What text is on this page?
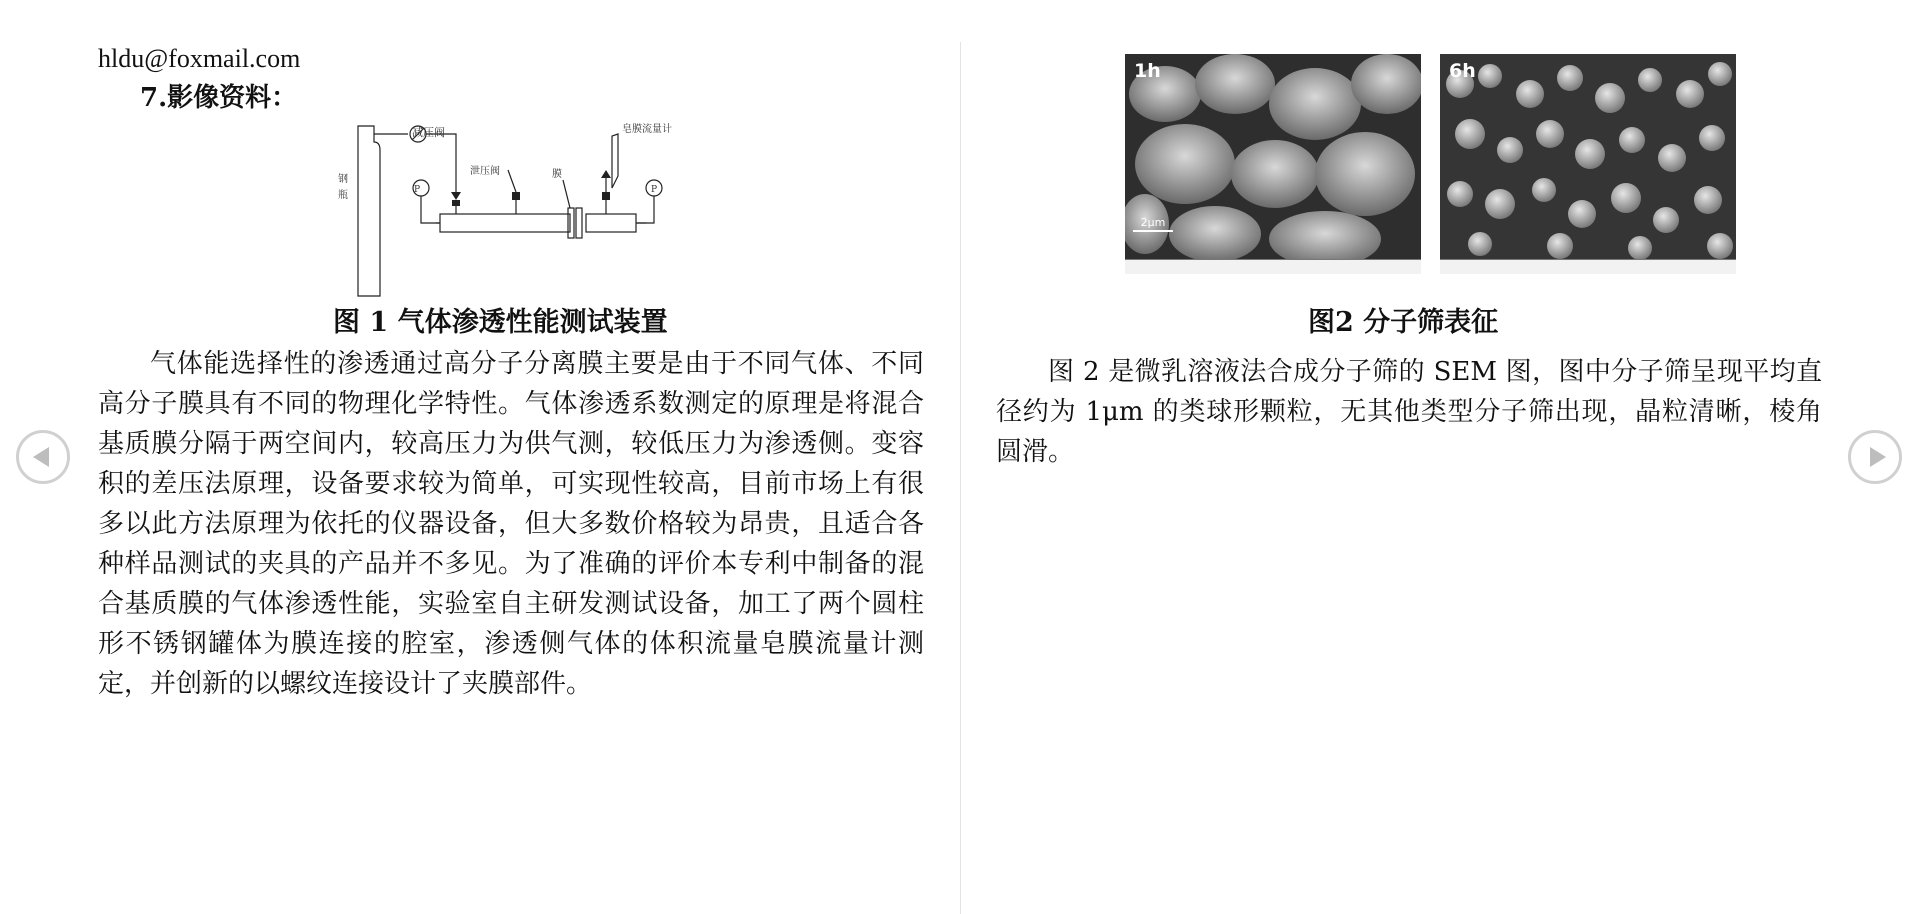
hldu@foxmail.com
7.影像资料：
钢
瓶
泄压阀	膜
皂膜流量计
P	P
减压阀
图 1 气体渗透性能测试装置
气体能选择性的渗透通过高分子分离膜主要是由于不同气体、不同高分子膜具有不同的物理化学特性。气体渗透系数测定的原理是将混合基质膜分隔于两空间内，较高压力为供气测，较低压力为渗透侧。变容积的差压法原理，设备要求较为简单，可实现性较高，目前市场上有很多以此方法原理为依托的仪器设备，但大多数价格较为昂贵，且适合各种样品测试的夹具的产品并不多见。为了准确的评价本专利中制备的混合基质膜的气体渗透性能，实验室自主研发测试设备，加工了两个圆柱形不锈钢罐体为膜连接的腔室，渗透侧气体的体积流量皂膜流量计测定，并创新的以螺纹连接设计了夹膜部件。
1h
2μm
6h
图2 分子筛表征
图 2 是微乳溶液法合成分子筛的 SEM 图，图中分子筛呈现平均直径约为 1μm 的类球形颗粒，无其他类型分子筛出现，晶粒清晰，棱角圆滑。
